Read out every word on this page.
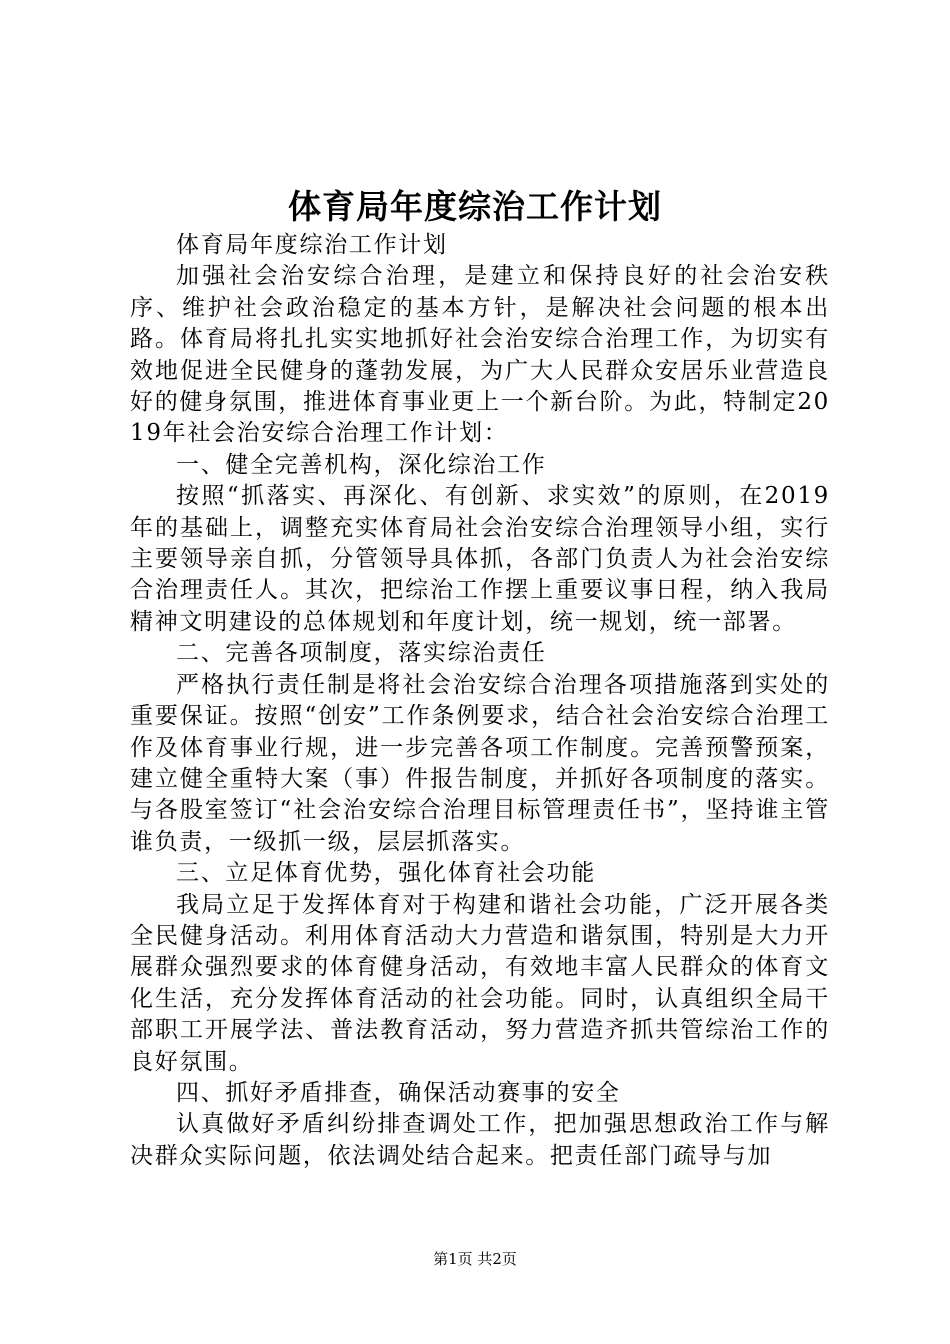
体育局年度综治工作计划

体育局年度综治工作计划

加强社会治安综合治理，是建立和保持良好的社会治安秩序、维护社会政治稳定的基本方针，是解决社会问题的根本出路。体育局将扎扎实实地抓好社会治安综合治理工作，为切实有效地促进全民健身的蓬勃发展，为广大人民群众安居乐业营造良好的健身氛围，推进体育事业更上一个新台阶。为此，特制定2019年社会治安综合治理工作计划：

一、健全完善机构，深化综治工作

按照“抓落实、再深化、有创新、求实效”的原则，在2019年的基础上，调整充实体育局社会治安综合治理领导小组，实行主要领导亲自抓，分管领导具体抓，各部门负责人为社会治安综合治理责任人。其次，把综治工作摆上重要议事日程，纳入我局精神文明建设的总体规划和年度计划，统一规划，统一部署。

二、完善各项制度，落实综治责任

严格执行责任制是将社会治安综合治理各项措施落到实处的重要保证。按照“创安”工作条例要求，结合社会治安综合治理工作及体育事业行规，进一步完善各项工作制度。完善预警预案，建立健全重特大案（事）件报告制度，并抓好各项制度的落实。与各股室签订“社会治安综合治理目标管理责任书”，坚持谁主管谁负责，一级抓一级，层层抓落实。

三、立足体育优势，强化体育社会功能

我局立足于发挥体育对于构建和谐社会功能，广泛开展各类全民健身活动。利用体育活动大力营造和谐氛围，特别是大力开展群众强烈要求的体育健身活动，有效地丰富人民群众的体育文化生活，充分发挥体育活动的社会功能。同时，认真组织全局干部职工开展学法、普法教育活动，努力营造齐抓共管综治工作的良好氛围。

四、抓好矛盾排查，确保活动赛事的安全

认真做好矛盾纠纷排查调处工作，把加强思想政治工作与解决群众实际问题，依法调处结合起来。把责任部门疏导与加

第1页 共2页
